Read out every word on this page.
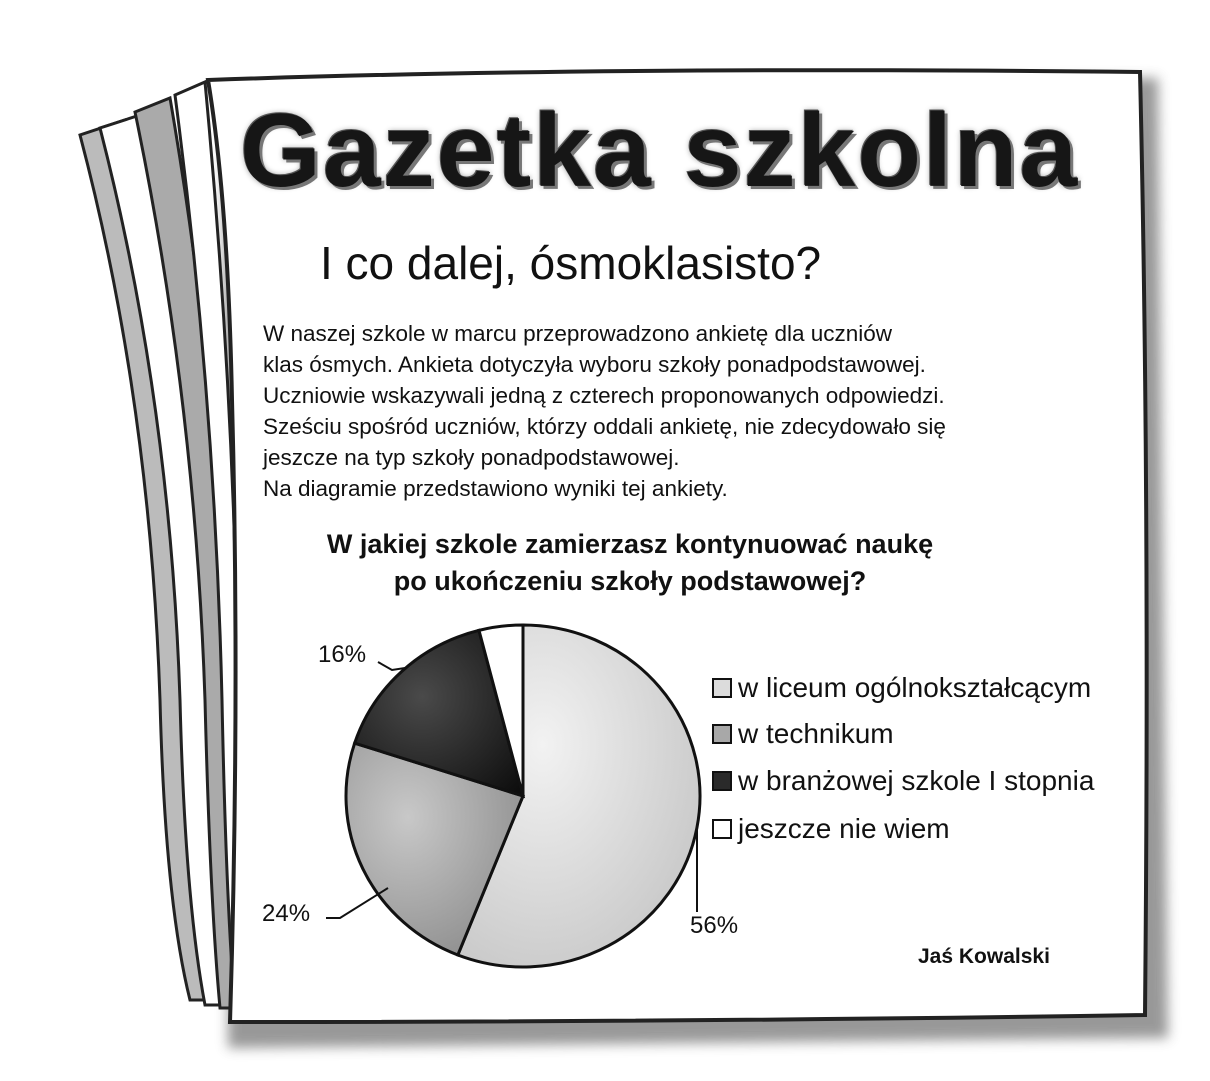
Gazetka szkolna
I co dalej, ósmoklasisto?
W naszej szkole w marcu przeprowadzono ankietę dla uczniów
klas ósmych. Ankieta dotyczyła wyboru szkoły ponadpodstawowej.
Uczniowie wskazywali jedną z czterech proponowanych odpowiedzi.
Sześciu spośród uczniów, którzy oddali ankietę, nie zdecydowało się
jeszcze na typ szkoły ponadpodstawowej.
Na diagramie przedstawiono wyniki tej ankiety.
W jakiej szkole zamierzasz kontynuować naukę
po ukończeniu szkoły podstawowej?
16%
24%	56%
w liceum ogólnokształcącym
w technikum
w branżowej szkole I stopnia
jeszcze nie wiem
Jaś Kowalski
